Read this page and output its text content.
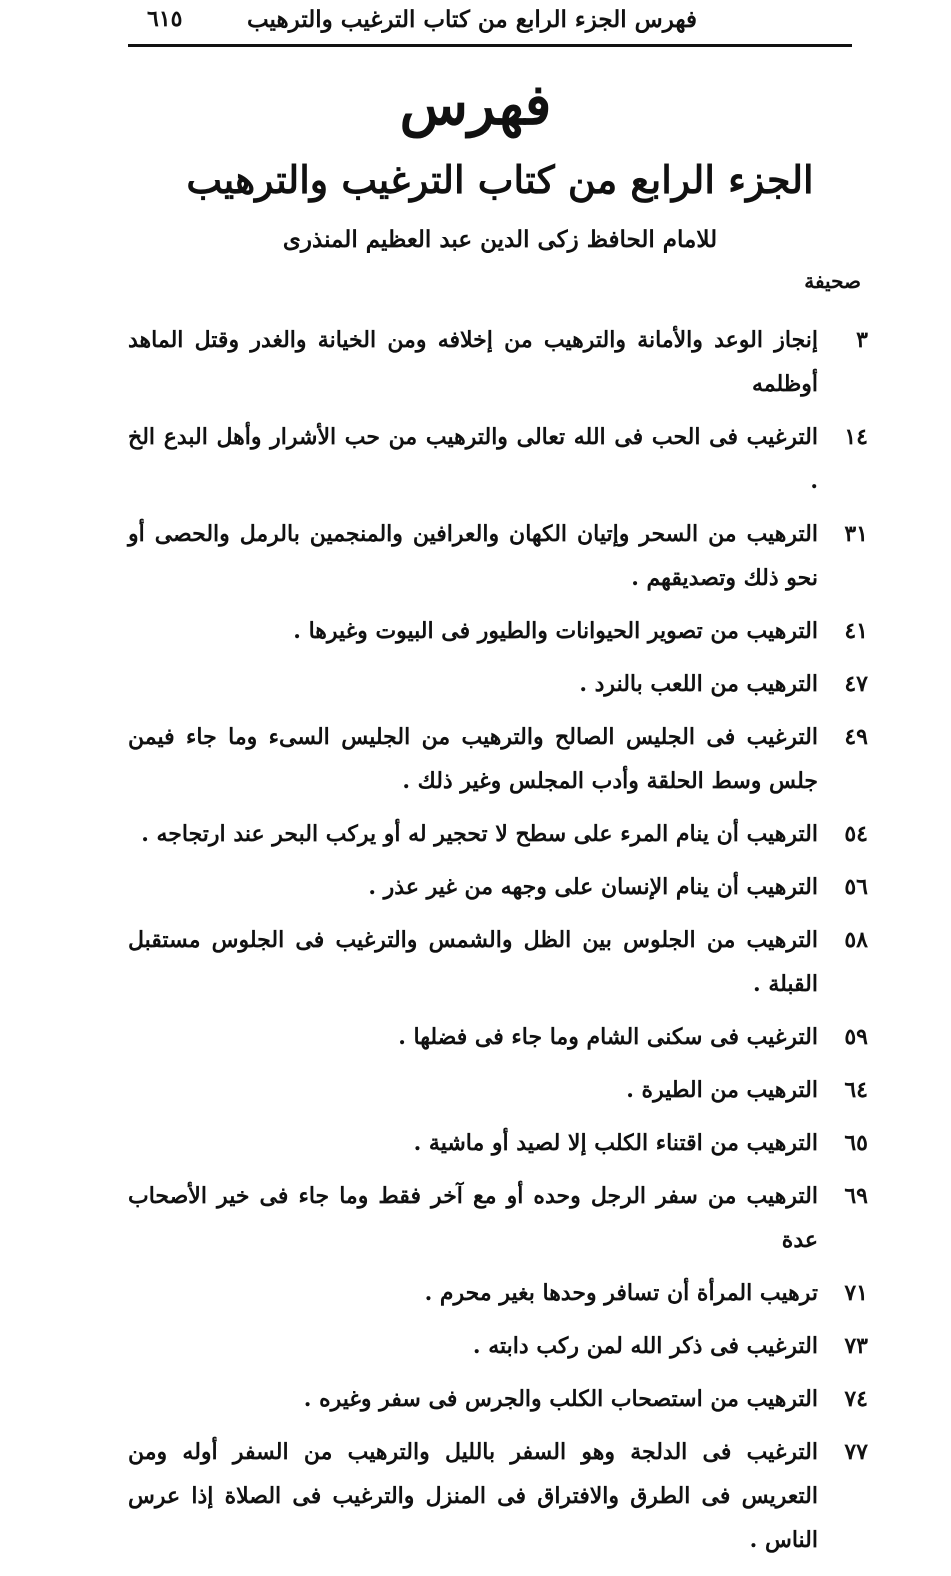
فهرس الجزء الرابع من كتاب الترغيب والترهيب
٦١٥
فهرس
الجزء الرابع من كتاب الترغيب والترهيب
للامام الحافظ زكى الدين عبد العظيم المنذرى
صحيفة
٣
إنجاز الوعد والأمانة والترهيب من إخلافه ومن الخيانة والغدر وقتل الماهد أوظلمه
١٤
الترغيب فى الحب فى الله تعالى والترهيب من حب الأشرار وأهل البدع الخ .
٣١
الترهيب من السحر وإتيان الكهان والعرافين والمنجمين بالرمل والحصى أو نحو ذلك وتصديقهم .
٤١
الترهيب من تصوير الحيوانات والطيور فى البيوت وغيرها .
٤٧
الترهيب من اللعب بالنرد .
٤٩
الترغيب فى الجليس الصالح والترهيب من الجليس السىء وما جاء فيمن جلس وسط الحلقة وأدب المجلس وغير ذلك .
٥٤
الترهيب أن ينام المرء على سطح لا تحجير له أو يركب البحر عند ارتجاجه .
٥٦
الترهيب أن ينام الإنسان على وجهه من غير عذر .
٥٨
الترهيب من الجلوس بين الظل والشمس والترغيب فى الجلوس مستقبل القبلة .
٥٩
الترغيب فى سكنى الشام وما جاء فى فضلها .
٦٤
الترهيب من الطيرة .
٦٥
الترهيب من اقتناء الكلب إلا لصيد أو ماشية .
٦٩
الترهيب من سفر الرجل وحده أو مع آخر فقط وما جاء فى خير الأصحاب عدة
٧١
ترهيب المرأة أن تسافر وحدها بغير محرم .
٧٣
الترغيب فى ذكر الله لمن ركب دابته .
٧٤
الترهيب من استصحاب الكلب والجرس فى سفر وغيره .
٧٧
الترغيب فى الدلجة وهو السفر بالليل والترهيب من السفر أوله ومن التعريس فى الطرق والافتراق فى المنزل والترغيب فى الصلاة إذا عرس الناس .
